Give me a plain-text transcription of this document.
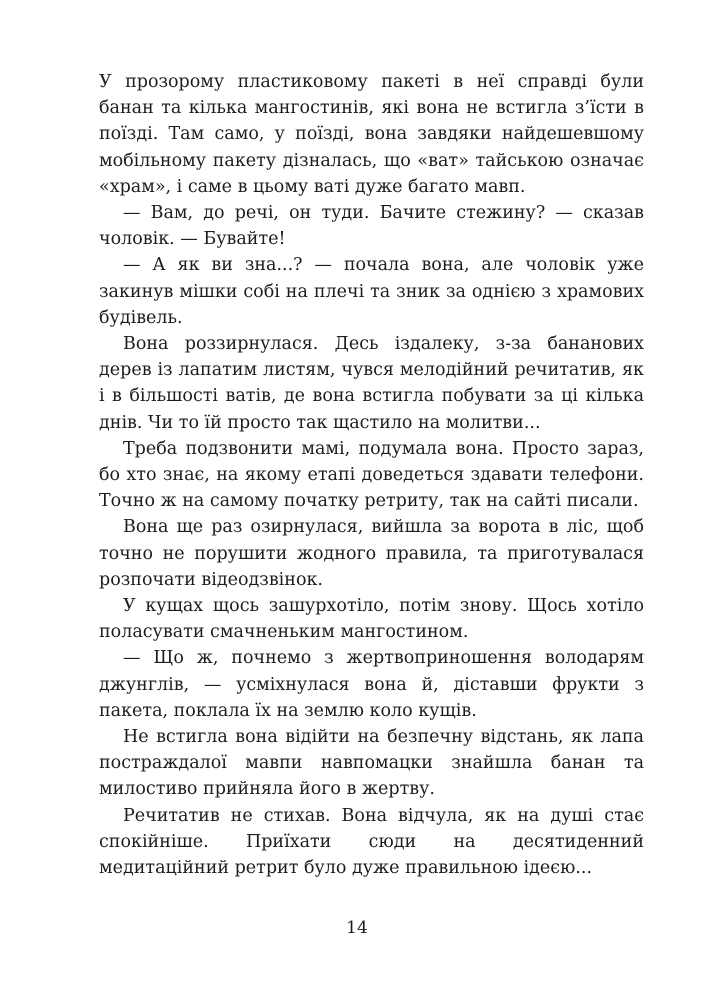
У прозорому пластиковому пакеті в неї справді були банан та кілька мангостинів, які вона не встигла з’їсти в поїзді. Там само, у поїзді, вона завдяки найдешевшому мобільному пакету дізналась, що «ват» тайською означає «храм», і саме в цьому ваті дуже багато мавп.

— Вам, до речі, он туди. Бачите стежину? — сказав чоловік. — Бувайте!

— А як ви зна...? — почала вона, але чоловік уже закинув мішки собі на плечі та зник за однією з храмових будівель.

Вона роззирнулася. Десь іздалеку, з-за бананових дерев із лапатим листям, чувся мелодійний речитатив, як і в більшості ватів, де вона встигла побувати за ці кілька днів. Чи то їй просто так щастило на молитви...

Треба подзвонити мамі, подумала вона. Просто зараз, бо хто знає, на якому етапі доведеться здавати телефони. Точно ж на самому початку ретриту, так на сайті писали.

Вона ще раз озирнулася, вийшла за ворота в ліс, щоб точно не порушити жодного правила, та приготувалася розпочати відеодзвінок.

У кущах щось зашурхотіло, потім знову. Щось хотіло поласувати смачненьким мангостином.

— Що ж, почнемо з жертвоприношення володарям джунглів, — усміхнулася вона й, діставши фрукти з пакета, поклала їх на землю коло кущів.

Не встигла вона відійти на безпечну відстань, як лапа постраждалої мавпи навпомацки знайшла банан та милостиво прийняла його в жертву.

Речитатив не стихав. Вона відчула, як на душі стає спокійніше. Приїхати сюди на десятиденний медитаційний ретрит було дуже правильною ідеєю...

14
